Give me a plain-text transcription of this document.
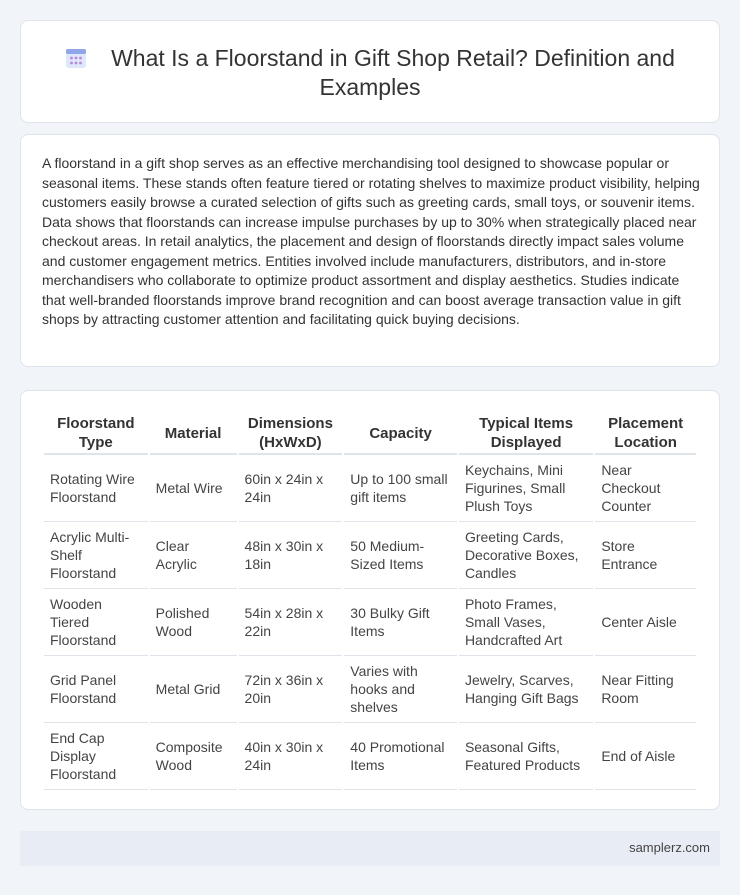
What Is a Floorstand in Gift Shop Retail? Definition and
Examples

A floorstand in a gift shop serves as an effective merchandising tool designed to showcase popular or seasonal items. These stands often feature tiered or rotating shelves to maximize product visibility, helping customers easily browse a curated selection of gifts such as greeting cards, small toys, or souvenir items. Data shows that floorstands can increase impulse purchases by up to 30% when strategically placed near checkout areas. In retail analytics, the placement and design of floorstands directly impact sales volume and customer engagement metrics. Entities involved include manufacturers, distributors, and in-store merchandisers who collaborate to optimize product assortment and display aesthetics. Studies indicate that well-branded floorstands improve brand recognition and can boost average transaction value in gift shops by attracting customer attention and facilitating quick buying decisions.

Floorstand Type	Material	Dimensions (HxWxD)	Capacity	Typical Items Displayed	Placement Location
Rotating Wire Floorstand	Metal Wire	60in x 24in x 24in	Up to 100 small gift items	Keychains, Mini Figurines, Small Plush Toys	Near Checkout Counter
Acrylic Multi-Shelf Floorstand	Clear Acrylic	48in x 30in x 18in	50 Medium-Sized Items	Greeting Cards, Decorative Boxes, Candles	Store Entrance
Wooden Tiered Floorstand	Polished Wood	54in x 28in x 22in	30 Bulky Gift Items	Photo Frames, Small Vases, Handcrafted Art	Center Aisle
Grid Panel Floorstand	Metal Grid	72in x 36in x 20in	Varies with hooks and shelves	Jewelry, Scarves, Hanging Gift Bags	Near Fitting Room
End Cap Display Floorstand	Composite Wood	40in x 30in x 24in	40 Promotional Items	Seasonal Gifts, Featured Products	End of Aisle
samplerz.com
